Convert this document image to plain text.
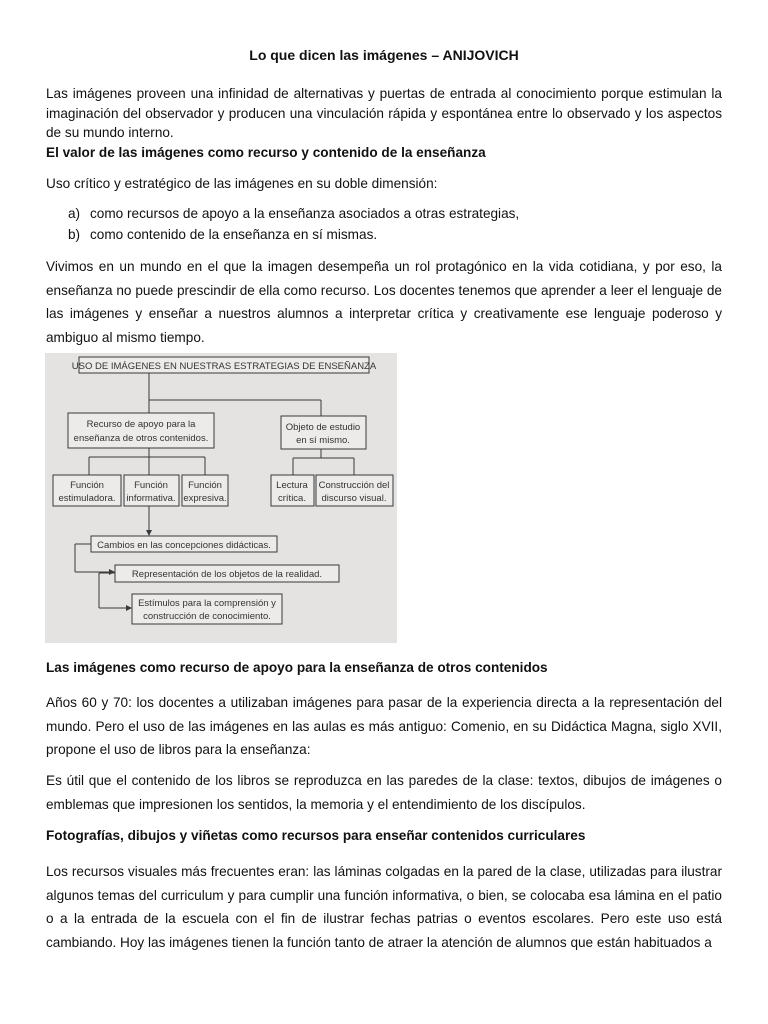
Lo que dicen las imágenes – ANIJOVICH

Las imágenes proveen una infinidad de alternativas y puertas de entrada al conocimiento porque estimulan la imaginación del observador y producen una vinculación rápida y espontánea entre lo observado y los aspectos de su mundo interno.

El valor de las imágenes como recurso y contenido de la enseñanza

Uso crítico y estratégico de las imágenes en su doble dimensión:
a) como recursos de apoyo a la enseñanza asociados a otras estrategias,
b) como contenido de la enseñanza en sí mismas.

Vivimos en un mundo en el que la imagen desempeña un rol protagónico en la vida cotidiana, y por eso, la enseñanza no puede prescindir de ella como recurso. Los docentes tenemos que aprender a leer el lenguaje de las imágenes y enseñar a nuestros alumnos a interpretar crítica y creativamente ese lenguaje poderoso y ambiguo al mismo tiempo.

USO DE IMÁGENES EN NUESTRAS ESTRATEGIAS DE ENSEÑANZA
Recurso de apoyo para la
enseñanza de otros contenidos.
Objeto de estudio
en sí mismo.
Función
estimuladora.
Función
informativa.
Función
expresiva.
Lectura
crítica.
Construcción del
discurso visual.
Cambios en las concepciones didácticas.
Representación de los objetos de la realidad.
Estímulos para la comprensión y
construcción de conocimiento.
Las imágenes como recurso de apoyo para la enseñanza de otros contenidos

Años 60 y 70: los docentes a utilizaban imágenes para pasar de la experiencia directa a la representación del mundo. Pero el uso de las imágenes en las aulas es más antiguo: Comenio, en su Didáctica Magna, siglo XVII, propone el uso de libros para la enseñanza:

Es útil que el contenido de los libros se reproduzca en las paredes de la clase: textos, dibujos de imágenes o emblemas que impresionen los sentidos, la memoria y el entendimiento de los discípulos.

Fotografías, dibujos y viñetas como recursos para enseñar contenidos curriculares

Los recursos visuales más frecuentes eran: las láminas colgadas en la pared de la clase, utilizadas para ilustrar algunos temas del curriculum y para cumplir una función informativa, o bien, se colocaba esa lámina en el patio o a la entrada de la escuela con el fin de ilustrar fechas patrias o eventos escolares. Pero este uso está cambiando. Hoy las imágenes tienen la función tanto de atraer la atención de alumnos que están habituados a
